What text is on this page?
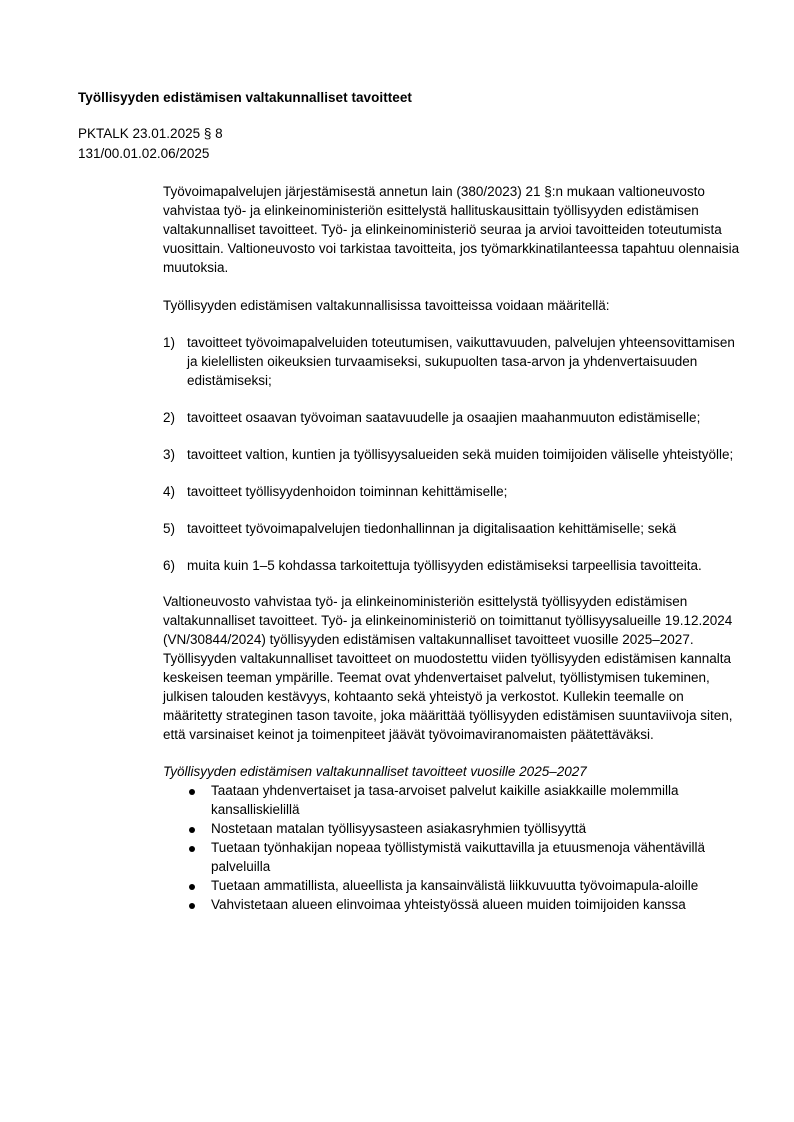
Työllisyyden edistämisen valtakunnalliset tavoitteet
PKTALK 23.01.2025 § 8
131/00.01.02.06/2025

Työvoimapalvelujen järjestämisestä annetun lain (380/2023) 21 §:n mukaan valtioneuvosto vahvistaa työ- ja elinkeinoministeriön esittelystä hallituskausittain työllisyyden edistämisen valtakunnalliset tavoitteet. Työ- ja elinkeinoministeriö seuraa ja arvioi tavoitteiden toteutumista vuosittain. Valtioneuvosto voi tarkistaa tavoitteita, jos työmarkkinatilanteessa tapahtuu olennaisia muutoksia.

Työllisyyden edistämisen valtakunnallisissa tavoitteissa voidaan määritellä:

1) tavoitteet työvoimapalveluiden toteutumisen, vaikuttavuuden, palvelujen yhteensovittamisen ja kielellisten oikeuksien turvaamiseksi, sukupuolten tasa-arvon ja yhdenvertaisuuden edistämiseksi;
2) tavoitteet osaavan työvoiman saatavuudelle ja osaajien maahanmuuton edistämiselle;
3) tavoitteet valtion, kuntien ja työllisyysalueiden sekä muiden toimijoiden väliselle yhteistyölle;
4) tavoitteet työllisyydenhoidon toiminnan kehittämiselle;
5) tavoitteet työvoimapalvelujen tiedonhallinnan ja digitalisaation kehittämiselle; sekä
6) muita kuin 1–5 kohdassa tarkoitettuja työllisyyden edistämiseksi tarpeellisia tavoitteita.

Valtioneuvosto vahvistaa työ- ja elinkeinoministeriön esittelystä työllisyyden edistämisen valtakunnalliset tavoitteet. Työ- ja elinkeinoministeriö on toimittanut työllisyysalueille 19.12.2024 (VN/30844/2024) työllisyyden edistämisen valtakunnalliset tavoitteet vuosille 2025–2027. Työllisyyden valtakunnalliset tavoitteet on muodostettu viiden työllisyyden edistämisen kannalta keskeisen teeman ympärille. Teemat ovat yhdenvertaiset palvelut, työllistymisen tukeminen, julkisen talouden kestävyys, kohtaanto sekä yhteistyö ja verkostot. Kullekin teemalle on määritetty strateginen tason tavoite, joka määrittää työllisyyden edistämisen suuntaviivoja siten, että varsinaiset keinot ja toimenpiteet jäävät työvoimaviranomaisten päätettäväksi.

Työllisyyden edistämisen valtakunnalliset tavoitteet vuosille 2025–2027

Taataan yhdenvertaiset ja tasa-arvoiset palvelut kaikille asiakkaille molemmilla kansalliskielillä
Nostetaan matalan työllisyysasteen asiakasryhmien työllisyyttä
Tuetaan työnhakijan nopeaa työllistymistä vaikuttavilla ja etuusmenoja vähentävillä palveluilla
Tuetaan ammatillista, alueellista ja kansainvälistä liikkuvuutta työvoimapula-aloille
Vahvistetaan alueen elinvoimaa yhteistyössä alueen muiden toimijoiden kanssa
